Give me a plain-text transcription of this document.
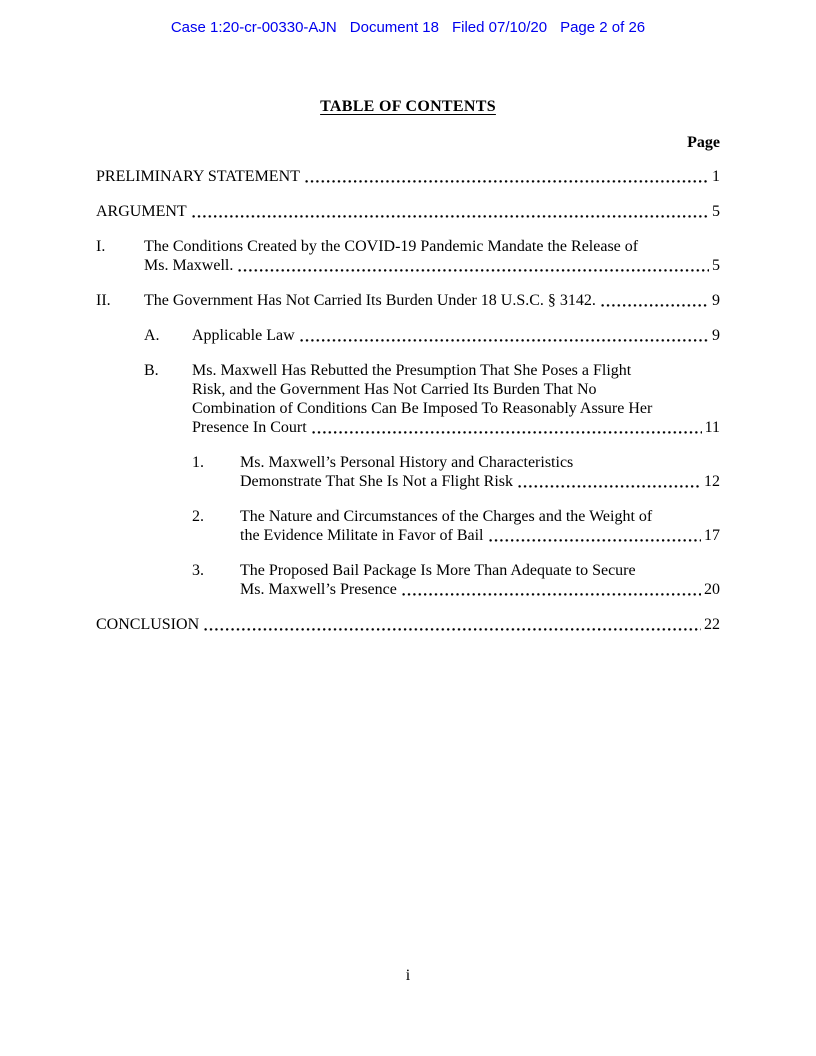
Case 1:20-cr-00330-AJN Document 18 Filed 07/10/20 Page 2 of 26
TABLE OF CONTENTS
Page
PRELIMINARY STATEMENT	1
ARGUMENT	5
I.	The Conditions Created by the COVID-19 Pandemic Mandate the Release of
Ms. Maxwell.	5
II.	The Government Has Not Carried Its Burden Under 18 U.S.C. § 3142.	9
A.	Applicable Law	9
B.	Ms. Maxwell Has Rebutted the Presumption That She Poses a Flight
Risk, and the Government Has Not Carried Its Burden That No
Combination of Conditions Can Be Imposed To Reasonably Assure Her
Presence In Court	11
1.	Ms. Maxwell’s Personal History and Characteristics
Demonstrate That She Is Not a Flight Risk	12
2.	The Nature and Circumstances of the Charges and the Weight of
the Evidence Militate in Favor of Bail	17
3.	The Proposed Bail Package Is More Than Adequate to Secure
Ms. Maxwell’s Presence	20
CONCLUSION	22
i
